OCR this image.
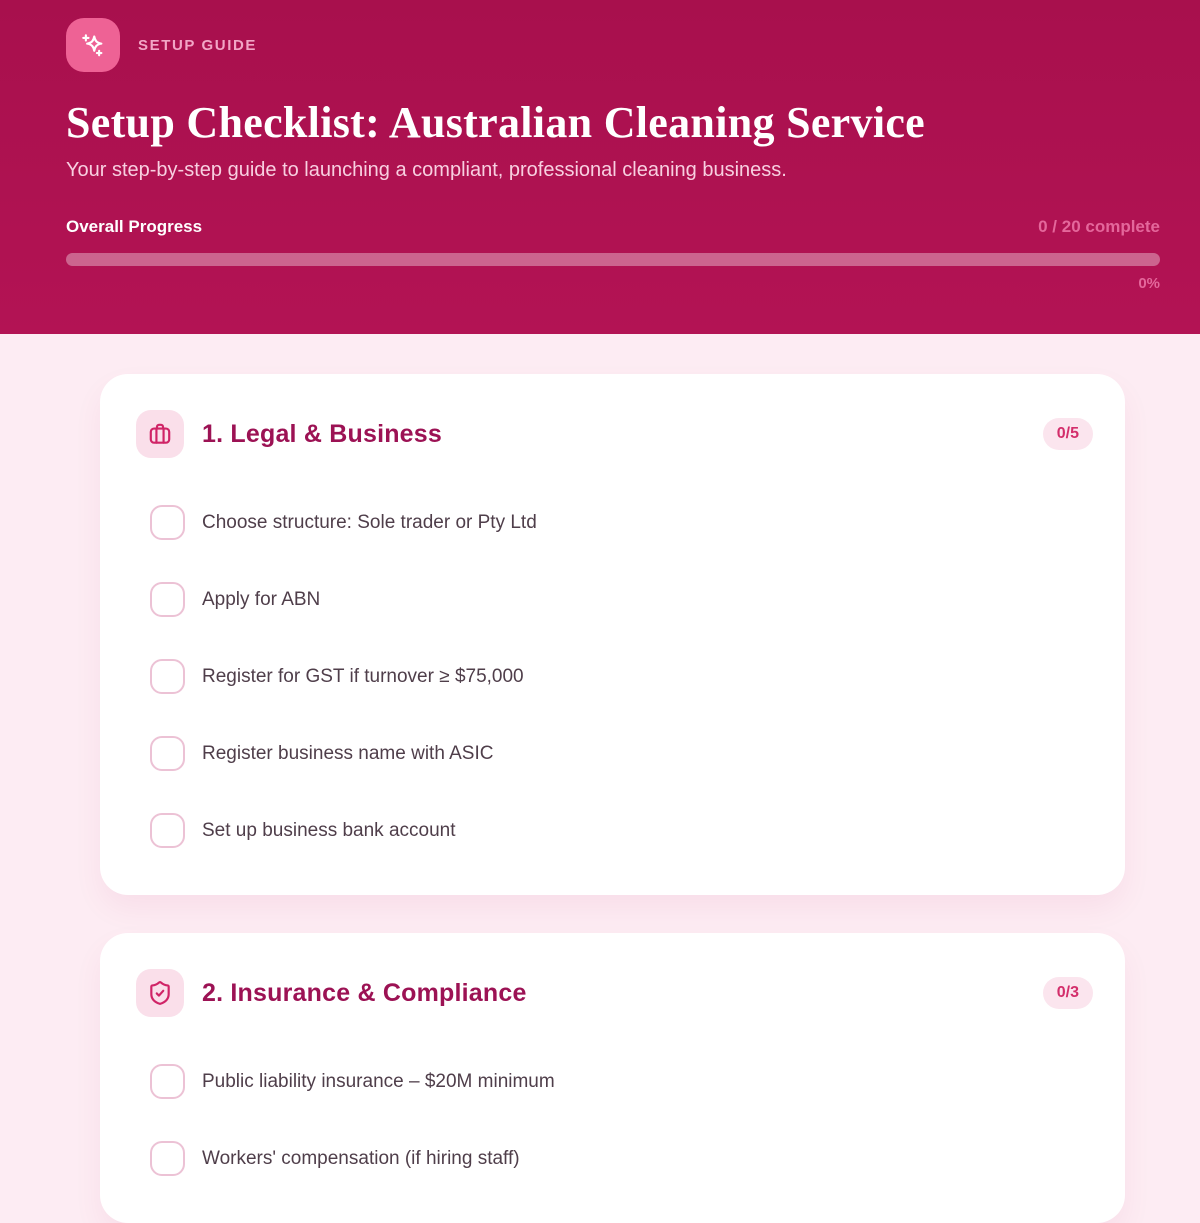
SETUP GUIDE
Setup Checklist: Australian Cleaning Service

Your step-by-step guide to launching a compliant, professional cleaning business.

Overall Progress	0 / 20 complete
0%
1. Legal & Business	0/5
Choose structure: Sole trader or Pty Ltd
Apply for ABN
Register for GST if turnover ≥ $75,000
Register business name with ASIC
Set up business bank account
2. Insurance & Compliance	0/3
Public liability insurance – $20M minimum
Workers' compensation (if hiring staff)
